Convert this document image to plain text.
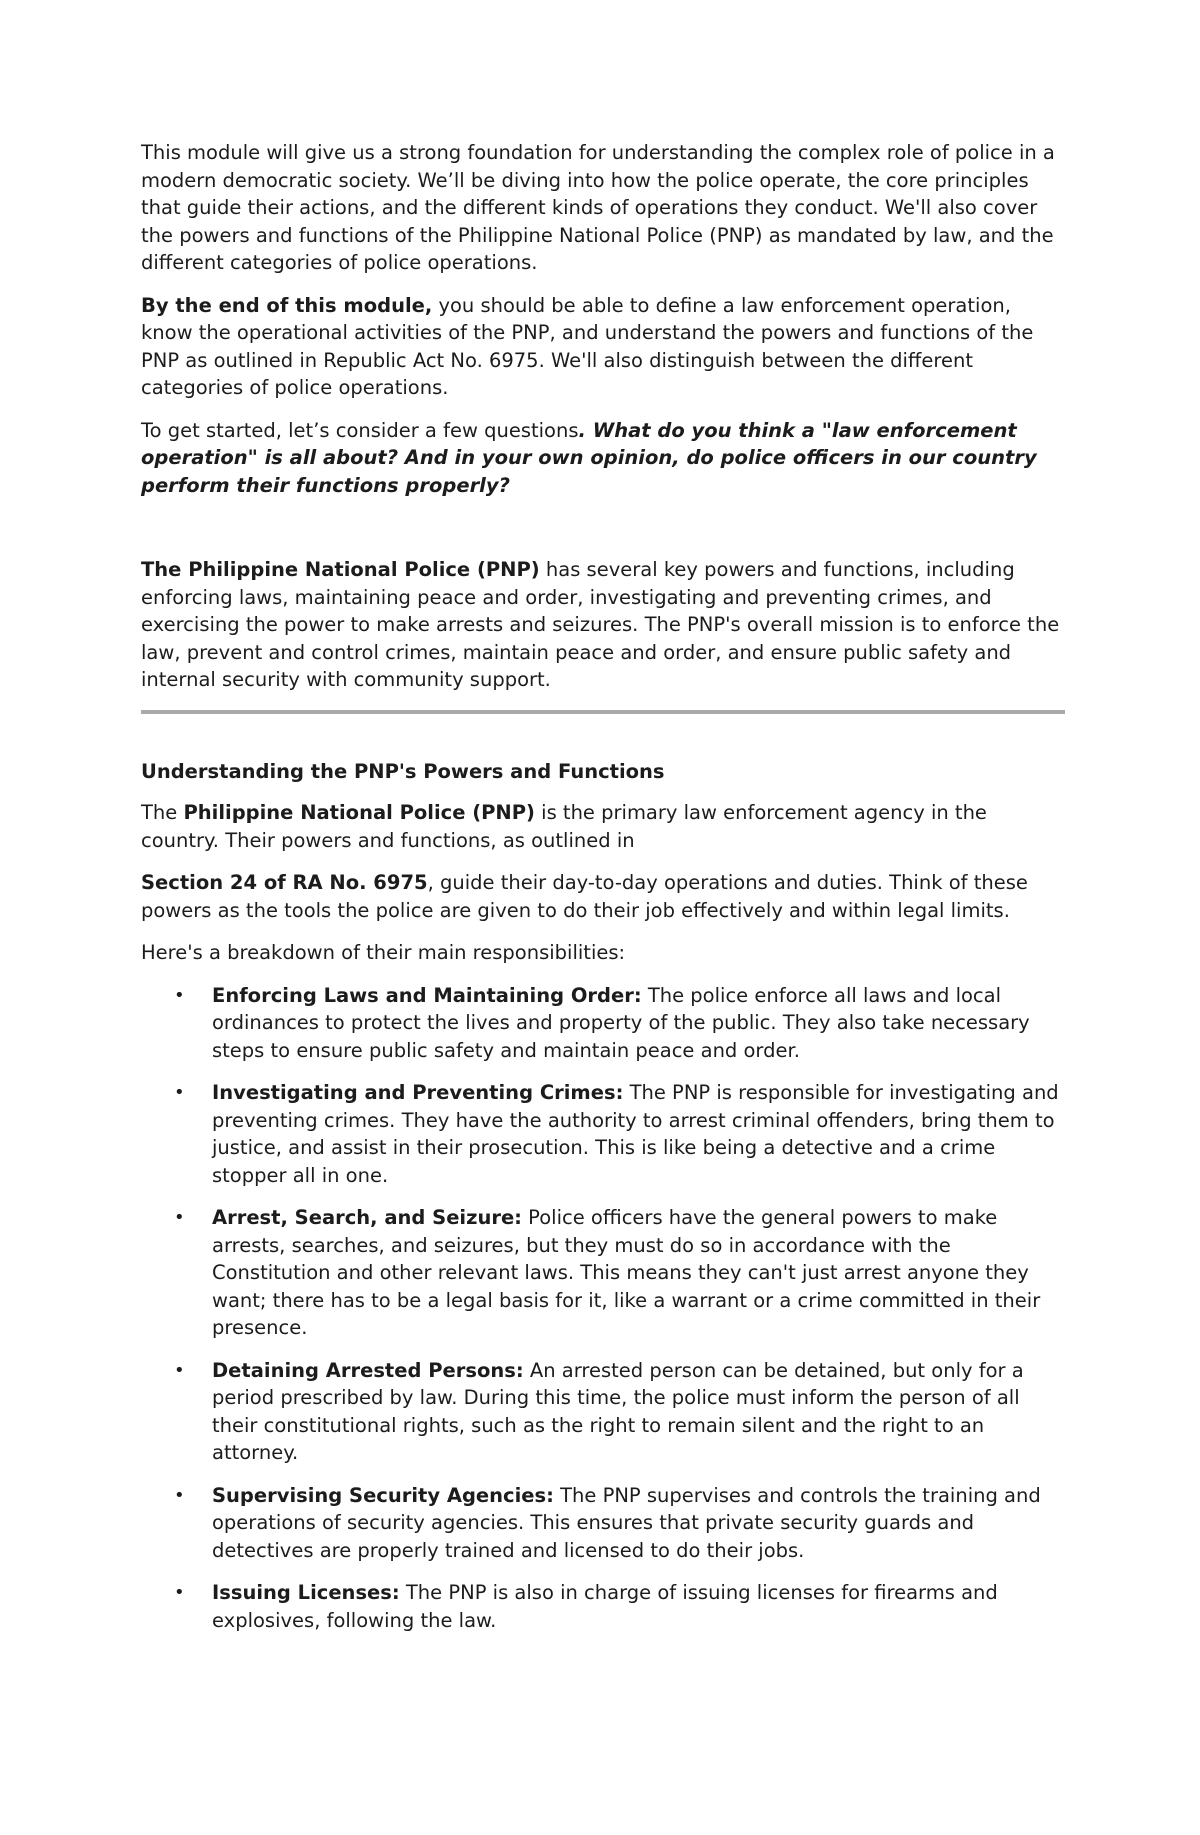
This module will give us a strong foundation for understanding the complex role of police in a modern democratic society. We’ll be diving into how the police operate, the core principles that guide their actions, and the different kinds of operations they conduct. We'll also cover the powers and functions of the Philippine National Police (PNP) as mandated by law, and the different categories of police operations.

By the end of this module, you should be able to define a law enforcement operation, know the operational activities of the PNP, and understand the powers and functions of the PNP as outlined in Republic Act No. 6975. We'll also distinguish between the different categories of police operations.

To get started, let’s consider a few questions. What do you think a "law enforcement operation" is all about? And in your own opinion, do police officers in our country perform their functions properly?

The Philippine National Police (PNP) has several key powers and functions, including enforcing laws, maintaining peace and order, investigating and preventing crimes, and exercising the power to make arrests and seizures. The PNP's overall mission is to enforce the law, prevent and control crimes, maintain peace and order, and ensure public safety and internal security with community support.

Understanding the PNP's Powers and Functions

The Philippine National Police (PNP) is the primary law enforcement agency in the country. Their powers and functions, as outlined in

Section 24 of RA No. 6975, guide their day-to-day operations and duties. Think of these powers as the tools the police are given to do their job effectively and within legal limits.

Here's a breakdown of their main responsibilities:

• Enforcing Laws and Maintaining Order: The police enforce all laws and local ordinances to protect the lives and property of the public. They also take necessary steps to ensure public safety and maintain peace and order.
• Investigating and Preventing Crimes: The PNP is responsible for investigating and preventing crimes. They have the authority to arrest criminal offenders, bring them to justice, and assist in their prosecution. This is like being a detective and a crime stopper all in one.
• Arrest, Search, and Seizure: Police officers have the general powers to make arrests, searches, and seizures, but they must do so in accordance with the Constitution and other relevant laws. This means they can't just arrest anyone they want; there has to be a legal basis for it, like a warrant or a crime committed in their presence.
• Detaining Arrested Persons: An arrested person can be detained, but only for a period prescribed by law. During this time, the police must inform the person of all their constitutional rights, such as the right to remain silent and the right to an attorney.
• Supervising Security Agencies: The PNP supervises and controls the training and operations of security agencies. This ensures that private security guards and detectives are properly trained and licensed to do their jobs.
• Issuing Licenses: The PNP is also in charge of issuing licenses for firearms and explosives, following the law.
